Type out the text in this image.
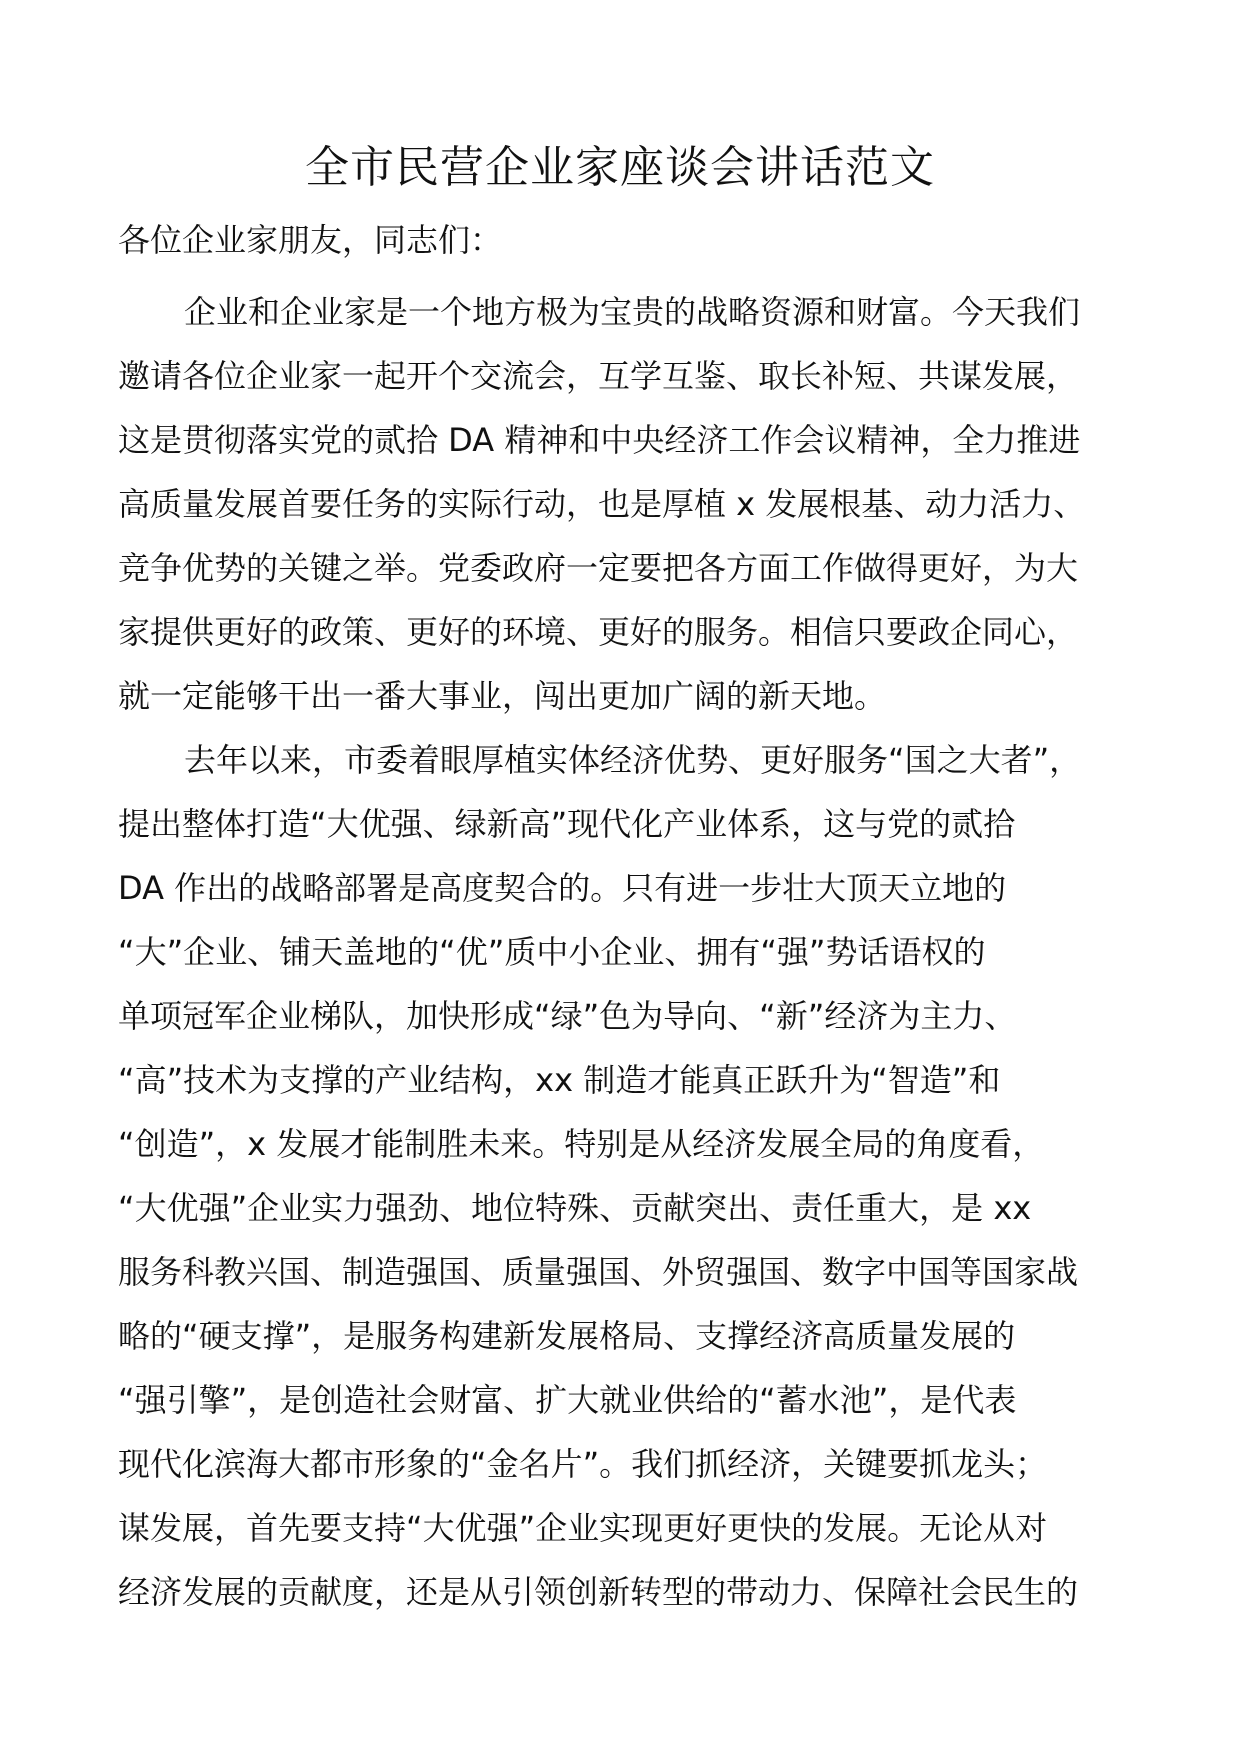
全市民营企业家座谈会讲话范文
各位企业家朋友，同志们：
企业和企业家是一个地方极为宝贵的战略资源和财富。今天我们
邀请各位企业家一起开个交流会，互学互鉴、取长补短、共谋发展，
这是贯彻落实党的贰拾 DA 精神和中央经济工作会议精神，全力推进
高质量发展首要任务的实际行动，也是厚植 x 发展根基、动力活力、
竞争优势的关键之举。党委政府一定要把各方面工作做得更好，为大
家提供更好的政策、更好的环境、更好的服务。相信只要政企同心，
就一定能够干出一番大事业，闯出更加广阔的新天地。
去年以来，市委着眼厚植实体经济优势、更好服务“国之大者”，
提出整体打造“大优强、绿新高”现代化产业体系，这与党的贰拾
DA 作出的战略部署是高度契合的。只有进一步壮大顶天立地的
“大”企业、铺天盖地的“优”质中小企业、拥有“强”势话语权的
单项冠军企业梯队，加快形成“绿”色为导向、“新”经济为主力、
“高”技术为支撑的产业结构，xx 制造才能真正跃升为“智造”和
“创造”，x 发展才能制胜未来。特别是从经济发展全局的角度看，
“大优强”企业实力强劲、地位特殊、贡献突出、责任重大，是 xx
服务科教兴国、制造强国、质量强国、外贸强国、数字中国等国家战
略的“硬支撑”，是服务构建新发展格局、支撑经济高质量发展的
“强引擎”，是创造社会财富、扩大就业供给的“蓄水池”，是代表
现代化滨海大都市形象的“金名片”。我们抓经济，关键要抓龙头；
谋发展，首先要支持“大优强”企业实现更好更快的发展。无论从对
经济发展的贡献度，还是从引领创新转型的带动力、保障社会民生的
